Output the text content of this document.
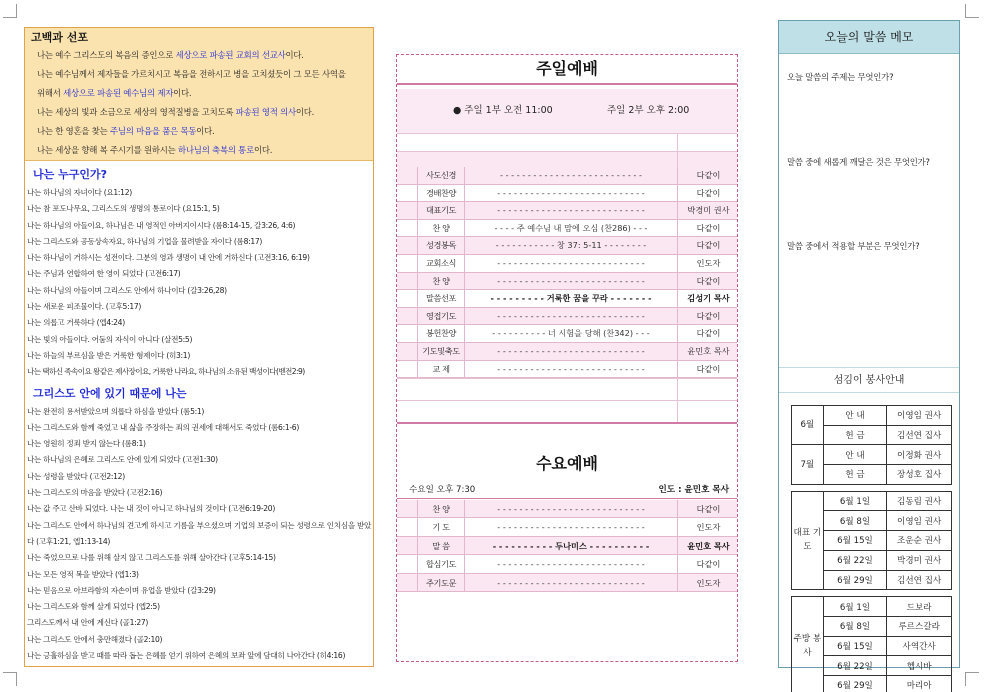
고백과 선포
나는 예수 그리스도의 복음의 증인으로 세상으로 파송된 교회의 선교사이다.
나는 예수님께서 제자들을 가르치시고 복음을 전하시고 병을 고치셨듯이 그 모든 사역을
위해서 세상으로 파송된 예수님의 제자이다.
나는 세상의 빛과 소금으로 세상의 영적질병을 고치도록 파송된 영적 의사이다.
나는 한 영혼을 찾는 주님의 마음을 품은 목동이다.
나는 세상을 향해 복 주시기를 원하시는 하나님의 축복의 통로이다.
나는 누구인가?
나는 하나님의 자녀이다 (요1:12)
나는 참 포도나무요, 그리스도의 생명의 통로이다 (요15:1, 5)
나는 하나님의 아들이요, 하나님은 내 영적인 아버지이시다 (롬8:14-15, 갈3:26, 4:6)
나는 그리스도와 공동상속자요, 하나님의 기업을 물려받을 자이다 (롬8:17)
나는 하나님이 거하시는 성전이다. 그분의 영과 생명이 내 안에 거하신다 (고전3:16, 6:19)
나는 주님과 연합하여 한 영이 되었다 (고전6:17)
나는 하나님의 아들이며 그리스도 안에서 하나이다 (갈3:26,28)
나는 새로운 피조물이다. (고후5:17)
나는 의롭고 거룩하다 (엡4:24)
나는 빛의 아들이다. 어둠의 자식이 아니다 (살전5:5)
나는 하늘의 부르심을 받은 거룩한 형제이다 (히3:1)
나는 택하신 족속이요 왕같은 제사장이요, 거룩한 나라요, 하나님의 소유된 백성이다(벧전2:9)
그리스도 안에 있기 때문에 나는
나는 완전히 용서받았으며 의롭다 하심을 받았다 (롬5:1)
나는 그리스도와 함께 죽었고 내 삶을 주장하는 죄의 권세에 대해서도 죽었다 (롬6:1-6)
나는 영원히 정죄 받지 않는다 (롬8:1)
나는 하나님의 은혜로 그리스도 안에 있게 되었다 (고전1:30)
나는 성령을 받았다 (고전2:12)
나는 그리스도의 마음을 받았다 (고전2:16)
나는 값 주고 산바 되었다. 나는 내 것이 아니고 하나님의 것이다 (고전6:19-20)
나는 그리스도 안에서 하나님의 견고케 하시고 기름을 부으셨으며 기업의 보증이 되는 성령으로 인치심을 받았다 (고후1:21, 엡1:13-14)
나는 죽었으므로 나를 위해 살지 않고 그리스도를 위해 살아간다 (고후5:14-15)
나는 모든 영적 복을 받았다 (엡1:3)
나는 믿음으로 아브라함의 자손이며 유업을 받았다 (갈3:29)
나는 그리스도와 함께 살게 되었다 (엡2:5)
그리스도께서 내 안에 계신다 (골1:27)
나는 그리스도 안에서 충만해졌다 (골2:10)
나는 긍휼하심을 받고 때를 따라 돕는 은혜를 얻기 위하여 은혜의 보좌 앞에 담대히 나아간다 (히4:16)
주일예배
● 주일 1부 오전 11:00	주일 2부 오후 2:00
사도신경	- - - - - - - - - - - - - - - - - - - - - - - - - -	다같이
경배찬양	- - - - - - - - - - - - - - - - - - - - - - - - - - -	다같이
대표기도	- - - - - - - - - - - - - - - - - - - - - - - - - - -	박경미 권사
찬 양	- - - - 주 예수님 내 맘에 오심 (찬286) - - -	다같이
성경봉독	- - - - - - - - - - - 창 37: 5-11 - - - - - - - -	다같이
교회소식	- - - - - - - - - - - - - - - - - - - - - - - - - - -	인도자
찬 양	- - - - - - - - - - - - - - - - - - - - - - - - - - -	다같이
말씀선포	- - - - - - - - - 거룩한 꿈을 꾸라 - - - - - - -	김성기 목사
영접기도	- - - - - - - - - - - - - - - - - - - - - - - - - - -	다같이
봉헌찬양	- - - - - - - - - - 너 시험을 당해 (찬342) - - -	다같이
기도및축도	- - - - - - - - - - - - - - - - - - - - - - - - - - -	윤민호 목사
교 제	- - - - - - - - - - - - - - - - - - - - - - - - - - -	다같이
수요예배
수요일 오후 7:30	인도 : 윤민호 목사
찬 양	- - - - - - - - - - - - - - - - - - - - - - - - - - -	다같이
기 도	- - - - - - - - - - - - - - - - - - - - - - - - - - -	인도자
말 씀	- - - - - - - - - - 두나미스 - - - - - - - - - -	윤민호 목사
합심기도	- - - - - - - - - - - - - - - - - - - - - - - - - - -	다같이
주기도문	- - - - - - - - - - - - - - - - - - - - - - - - - - -	인도자
오늘의 말씀 메모
오늘 말씀의 주제는 무엇인가?
말씀 중에 새롭게 깨달은 것은 무엇인가?
말씀 중에서 적용할 부분은 무엇인가?
섬김이 봉사안내
6월	안 내	이영임 권사
	헌 금	김선연 집사
7월	안 내	이정화 권사
	헌 금	장성호 집사

대표 기도	6월 1일	김동림 권사
	6월 8일	이영임 권사
	6월 15일	조운순 권사
	6월 22일	박경미 권사
	6월 29일	김선연 집사

주방 봉사	6월 1일	드보라
	6월 8일	루르스갈라
	6월 15일	사역간사
	6월 22일	헵시바
	6월 29일	마리아
